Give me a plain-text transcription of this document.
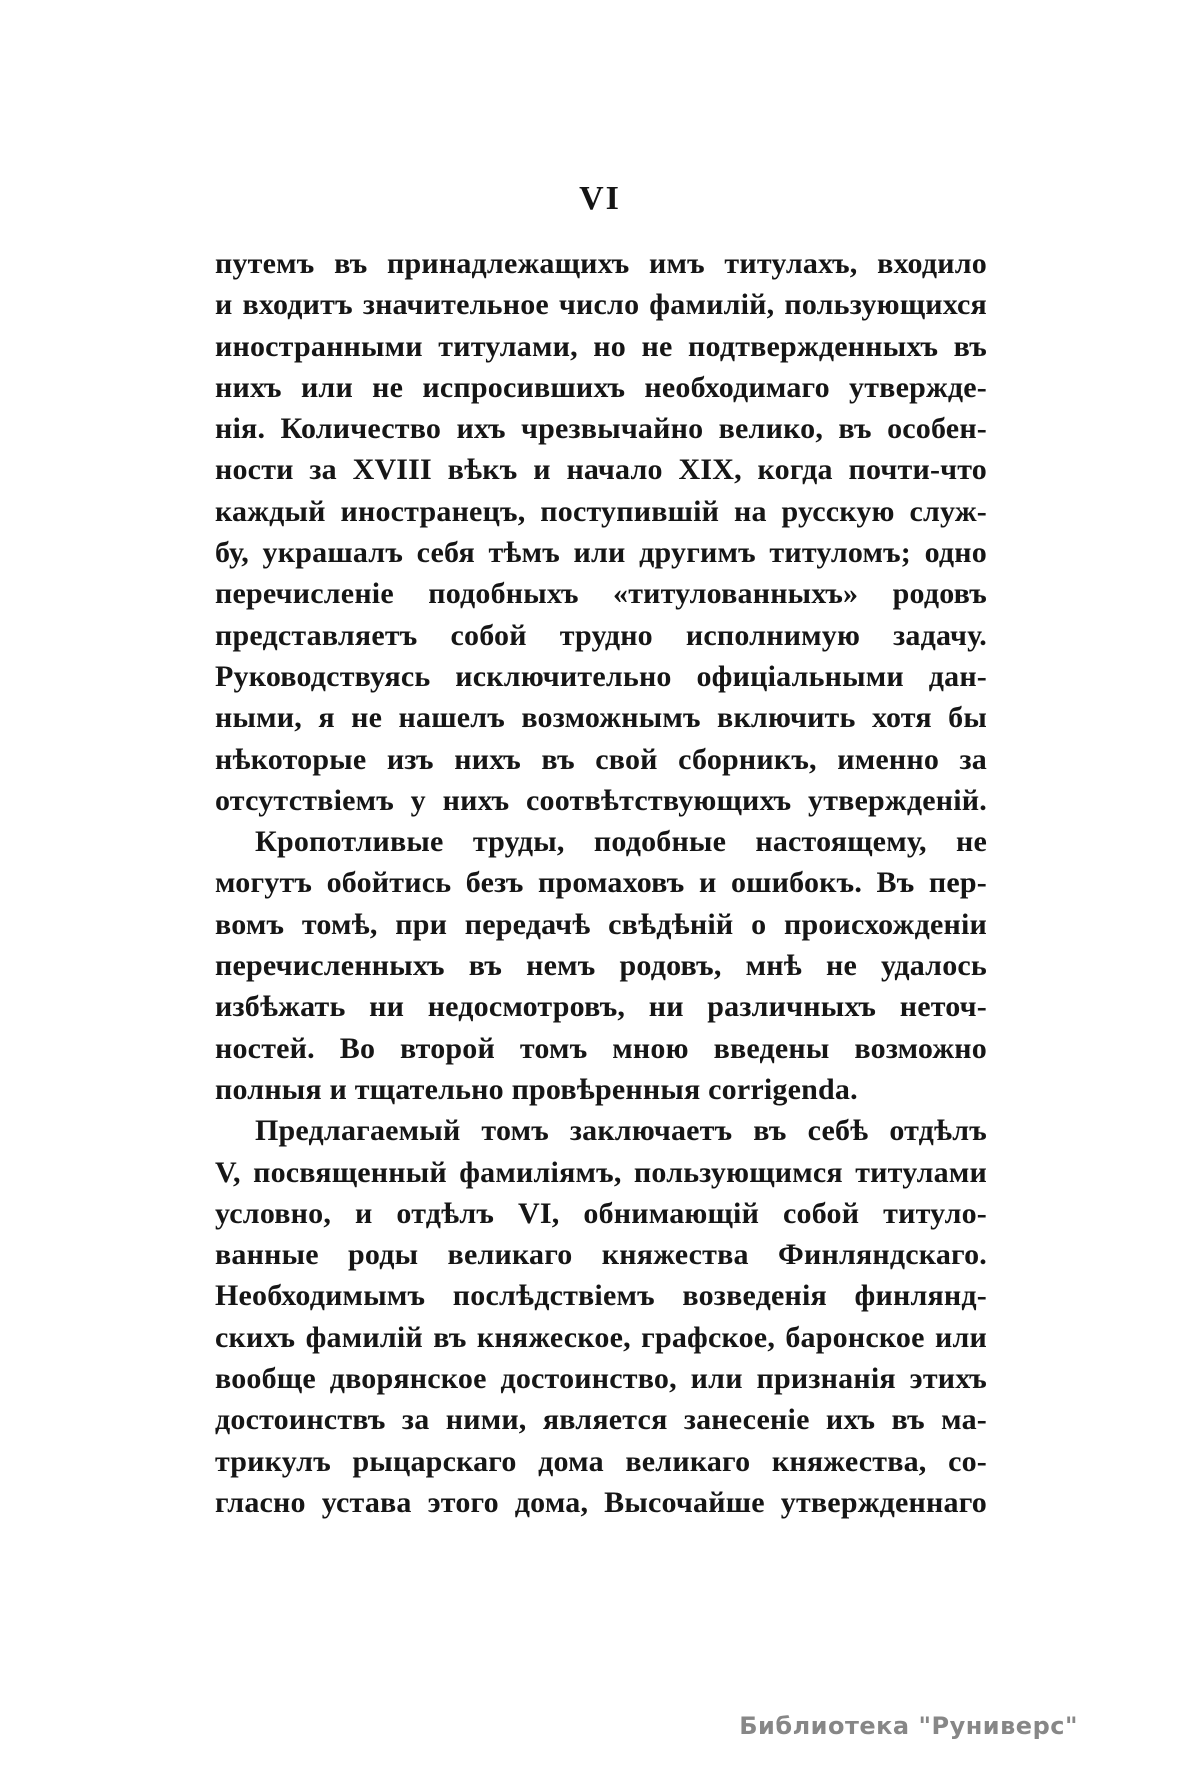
VI
путемъ въ принадлежащихъ имъ титулахъ, входило
и входитъ значительное число фамилій, пользующихся
иностранными титулами, но не подтвержденныхъ въ
нихъ или не испросившихъ необходимаго утвержде-
нія. Количество ихъ чрезвычайно велико, въ особен-
ности за XVIII вѣкъ и начало XIX, когда почти-что
каждый иностранецъ, поступившій на русскую служ-
бу, украшалъ себя тѣмъ или другимъ титуломъ; одно
перечисленіе подобныхъ «титулованныхъ» родовъ
представляетъ собой трудно исполнимую задачу.
Руководствуясь исключительно офиціальными дан-
ными, я не нашелъ возможнымъ включить хотя бы
нѣкоторые изъ нихъ въ свой сборникъ, именно за
отсутствіемъ у нихъ соотвѣтствующихъ утвержденій.
Кропотливые труды, подобные настоящему, не
могутъ обойтись безъ промаховъ и ошибокъ. Въ пер-
вомъ томѣ, при передачѣ свѣдѣній о происхожденіи
перечисленныхъ въ немъ родовъ, мнѣ не удалось
избѣжать ни недосмотровъ, ни различныхъ неточ-
ностей. Во второй томъ мною введены возможно
полныя и тщательно провѣренныя corrigenda.
Предлагаемый томъ заключаетъ въ себѣ отдѣлъ
V, посвященный фамиліямъ, пользующимся титулами
условно, и отдѣлъ VI, обнимающій собой титуло-
ванные роды великаго княжества Финляндскаго.
Необходимымъ послѣдствіемъ возведенія финлянд-
скихъ фамилій въ княжеское, графское, баронское или
вообще дворянское достоинство, или признанія этихъ
достоинствъ за ними, является занесеніе ихъ въ ма-
трикулъ рыцарскаго дома великаго княжества, со-
гласно устава этого дома, Высочайше утвержденнаго
Библиотека "Руниверс"
